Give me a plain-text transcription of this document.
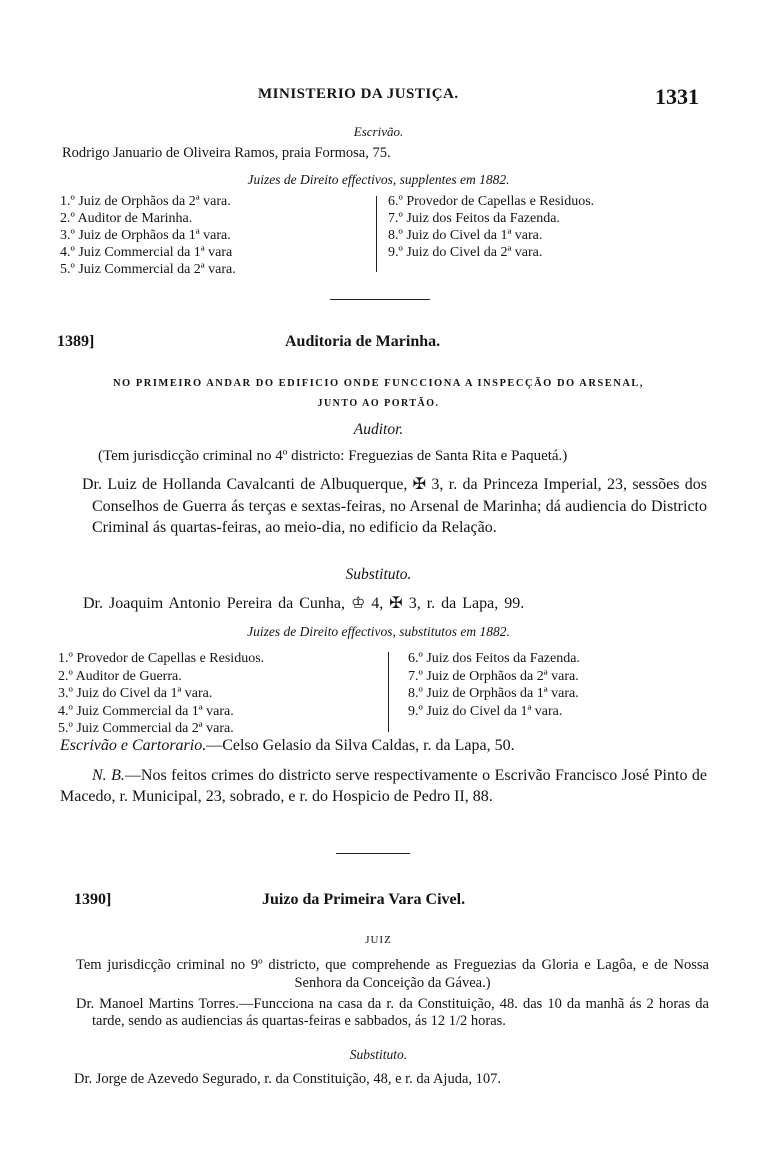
MINISTERIO DA JUSTIÇA.	1331
Escrivão.
Rodrigo Januario de Oliveira Ramos, praia Formosa, 75.
Juizes de Direito effectivos, supplentes em 1882.
1.º Juiz de Orphãos da 2ª vara.
2.º Auditor de Marinha.
3.º Juiz de Orphãos da 1ª vara.
4.º Juiz Commercial da 1ª vara
5.º Juiz Commercial da 2ª vara.
6.º Provedor de Capellas e Residuos.
7.º Juiz dos Feitos da Fazenda.
8.º Juiz do Civel da 1ª vara.
9.º Juiz do Civel da 2ª vara.
1389]	Auditoria de Marinha.
NO PRIMEIRO ANDAR DO EDIFICIO ONDE FUNCCIONA A INSPECÇÃO DO ARSENAL,
JUNTO AO PORTÃO.
Auditor.
(Tem jurisdicção criminal no 4º districto: Freguezias de Santa Rita e Paquetá.)
Dr. Luiz de Hollanda Cavalcanti de Albuquerque, ✠ 3, r. da Princeza Imperial, 23, sessões dos Conselhos de Guerra ás terças e sextas-feiras, no Arsenal de Marinha; dá audiencia do Districto Criminal ás quartas-feiras, ao meio-dia, no edificio da Relação.
Substituto.
Dr. Joaquim Antonio Pereira da Cunha, ♔ 4, ✠ 3, r. da Lapa, 99.
Juizes de Direito effectivos, substitutos em 1882.
1.º Provedor de Capellas e Residuos.
2.º Auditor de Guerra.
3.º Juiz do Civel da 1ª vara.
4.º Juiz Commercial da 1ª vara.
5.º Juiz Commercial da 2ª vara.
6.º Juiz dos Feitos da Fazenda.
7.º Juiz de Orphãos da 2ª vara.
8.º Juiz de Orphãos da 1ª vara.
9.º Juiz do Civel da 1ª vara.
Escrivão e Cartorario.—Celso Gelasio da Silva Caldas, r. da Lapa, 50.
N. B.—Nos feitos crimes do districto serve respectivamente o Escrivão Francisco José Pinto de Macedo, r. Municipal, 23, sobrado, e r. do Hospicio de Pedro II, 88.
1390]	Juizo da Primeira Vara Civel.
JUIZ
Tem jurisdicção criminal no 9º districto, que comprehende as Freguezias da Gloria e Lagôa, e de Nossa Senhora da Conceição da Gávea.)
Dr. Manoel Martins Torres.—Funcciona na casa da r. da Constituição, 48. das 10 da manhã ás 2 horas da tarde, sendo as audiencias ás quartas-feiras e sabbados, ás 12 1/2 horas.
Substituto.
Dr. Jorge de Azevedo Segurado, r. da Constituição, 48, e r. da Ajuda, 107.
